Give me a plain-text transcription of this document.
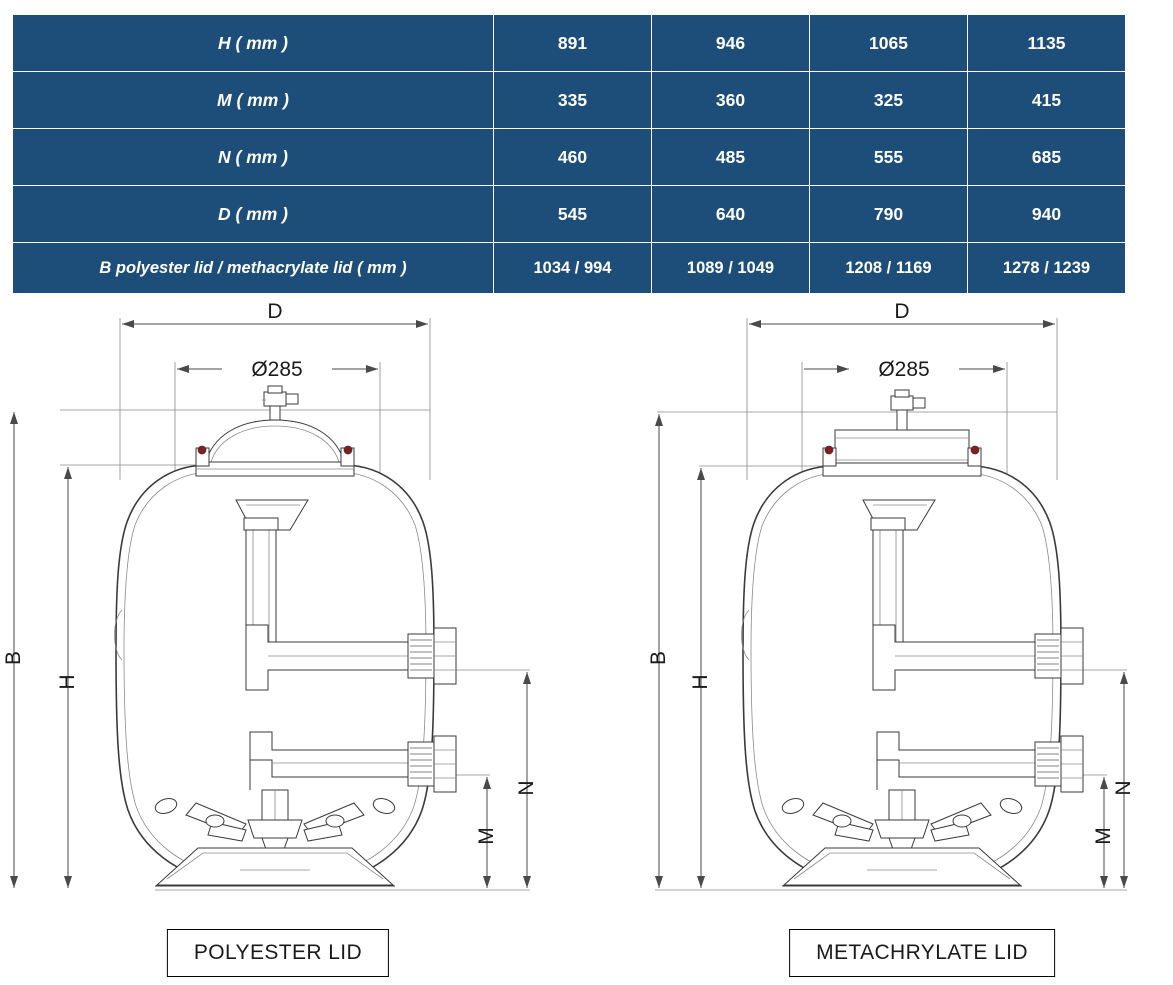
H ( mm )	891	946	1065	1135
M ( mm )	335	360	325	415
N ( mm )	460	485	555	685
D ( mm )	545	640	790	940
B polyester lid / methacrylate lid ( mm )	1034 / 994	1089 / 1049	1208 / 1169	1278 / 1239
D
Ø285
B
H
N
M
POLYESTER LID
D
Ø285
B
H
N
M
METACHRYLATE LID
